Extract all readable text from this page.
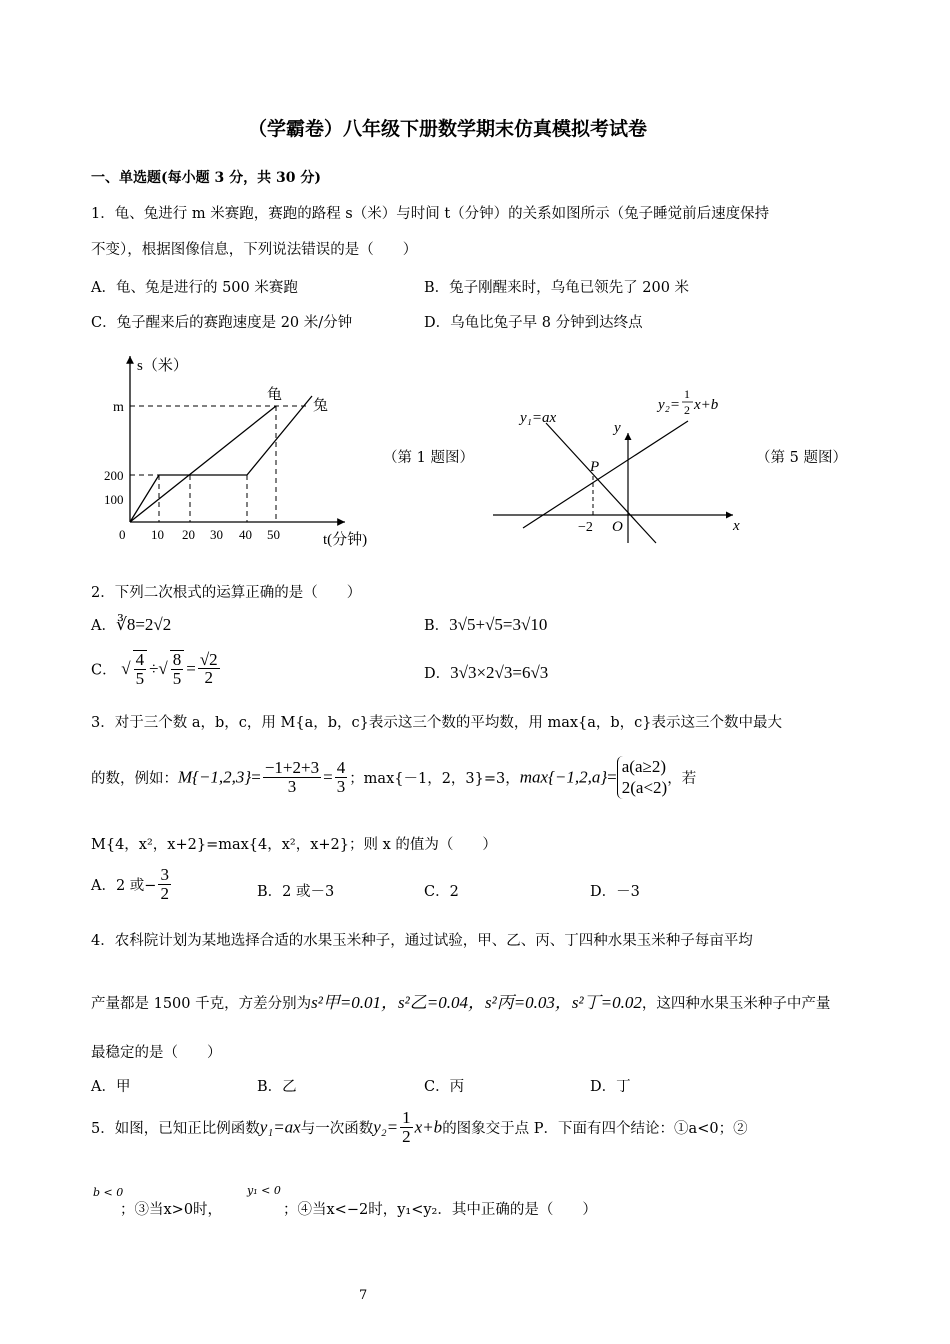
（学霸卷）八年级下册数学期末仿真模拟考试卷
一、单选题(每小题 3 分，共 30 分)
1．龟、兔进行 m 米赛跑，赛跑的路程 s（米）与时间 t（分钟）的关系如图所示（兔子睡觉前后速度保持
不变），根据图像信息，下列说法错误的是（　　）
A．龟、兔是进行的 500 米赛跑	B．兔子刚醒来时，乌龟已领先了 200 米
C．兔子醒来后的赛跑速度是 20 米/分钟	D．乌龟比兔子早 8 分钟到达终点
s（米）
t(分钟)
m
200
100
0 10 20 30 40 50
龟
兔
（第 1 题图）
y₁=ax
y₂=
1
2 x+b
y
x
P
O
−2
（第 5 题图）
2．下列二次根式的运算正确的是（　　）
A．∛8=2√2	B．3√5+√5=3√10
C． √ $\frac{4}{5}$ ÷√ $\frac{8}{5} = \frac{√2}{2}$	D．3√3×2√3=6√3
3．对于三个数 a，b，c，用 M{a，b，c}表示这三个数的平均数，用 max{a，b，c}表示这三个数中最大
的数，例如：$M\{-1,2,3\}= \frac{-1+2+3}{3} = \frac{4}{3}$ ；max{－1，2，3}=3，max{−1,2,a}=
a(a≥2)
2(a<2) ，若
M{4，x²，x+2}=max{4，x²，x+2}；则 x 的值为（　　）
A．2 或− $\frac{3}{2}$	B．2 或－3	C．2	D．－3
4．农科院计划为某地选择合适的水果玉米种子，通过试验，甲、乙、丙、丁四种水果玉米种子每亩平均
产量都是 1500 千克，方差分别为s²甲=0.01，s²乙=0.04，s²丙=0.03，s²丁=0.02，这四种水果玉米种子中产量
最稳定的是（　　）
A．甲	B．乙	C．丙	D．丁
5．如图，已知正比例函数y₁=ax与一次函数$y_2= \frac{1}{2} x+b$的图象交于点 P．下面有四个结论：①a<0；②
b < 0	y₁ < 0
；③当x>0时，	；④当x<−2时，y₁<y₂．其中正确的是（　　）
7
